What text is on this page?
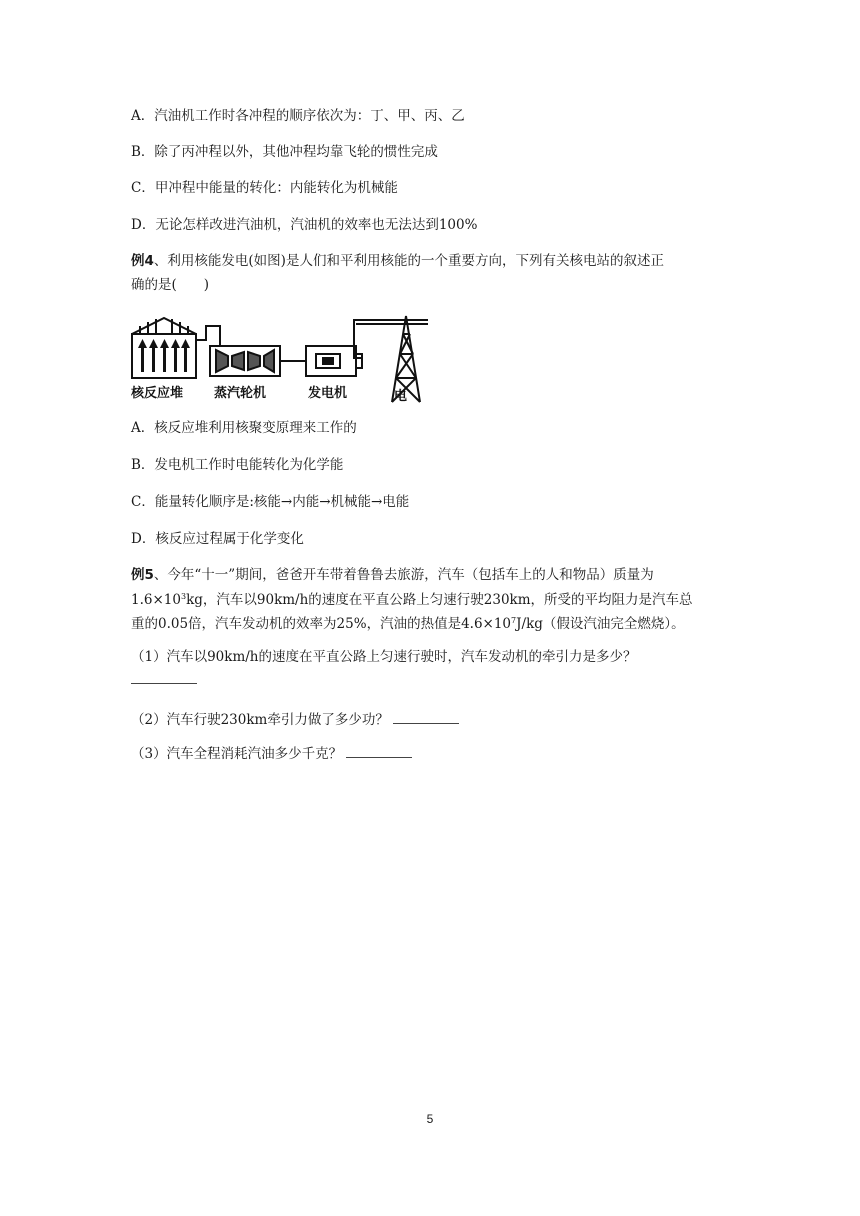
A．汽油机工作时各冲程的顺序依次为：丁、甲、丙、乙
B．除了丙冲程以外，其他冲程均靠飞轮的惯性完成
C．甲冲程中能量的转化：内能转化为机械能
D．无论怎样改进汽油机，汽油机的效率也无法达到100%
例4、利用核能发电(如图)是人们和平利用核能的一个重要方向，下列有关核电站的叙述正
确的是(　　)
核反应堆 蒸汽轮机	发电机	电
A．核反应堆利用核聚变原理来工作的
B．发电机工作时电能转化为化学能
C．能量转化顺序是:核能→内能→机械能→电能
D．核反应过程属于化学变化
例5、今年“十一”期间，爸爸开车带着鲁鲁去旅游，汽车（包括车上的人和物品）质量为
$1.6\times 10^3kg$，汽车以90km/h的速度在平直公路上匀速行驶230km，所受的平均阻力是汽车总
重的0.05倍，汽车发动机的效率为25%，汽油的热值是$4.6\times 10^7J/kg$（假设汽油完全燃烧）。
（1）汽车以90km/h的速度在平直公路上匀速行驶时，汽车发动机的牵引力是多少？
（2）汽车行驶230km牵引力做了多少功？
（3）汽车全程消耗汽油多少千克？
5
